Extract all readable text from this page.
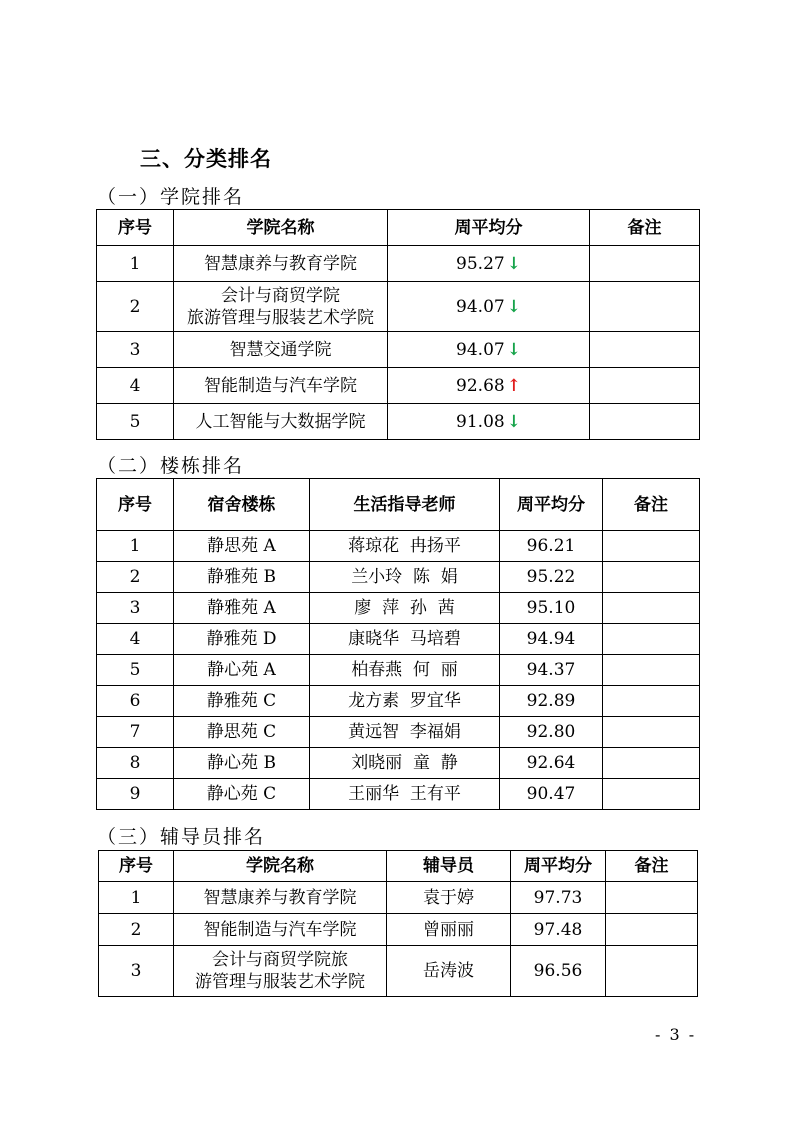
三、分类排名
（一）学院排名
序号	学院名称	周平均分	备注
1	智慧康养与教育学院	95.27 ↓	
2	会计与商贸学院
旅游管理与服装艺术学院	94.07 ↓	
3	智慧交通学院	94.07 ↓	
4	智能制造与汽车学院	92.68 ↑	
5	人工智能与大数据学院	91.08 ↓	
（二）楼栋排名
序号	宿舍楼栋	生活指导老师	周平均分	备注
1	静思苑 A	蒋琼花  冉扬平	96.21	
2	静雅苑 B	兰小玲  陈  娟	95.22	
3	静雅苑 A	廖  萍  孙  茜	95.10	
4	静雅苑 D	康晓华  马培碧	94.94	
5	静心苑 A	柏春燕  何  丽	94.37	
6	静雅苑 C	龙方素  罗宜华	92.89	
7	静思苑 C	黄远智  李福娟	92.80	
8	静心苑 B	刘晓丽  童  静	92.64	
9	静心苑 C	王丽华  王有平	90.47	
（三）辅导员排名
序号	学院名称	辅导员	周平均分	备注
1	智慧康养与教育学院	袁于婷	97.73	
2	智能制造与汽车学院	曾丽丽	97.48	
3	会计与商贸学院旅
游管理与服装艺术学院	岳涛波	96.56	
- 3 -
